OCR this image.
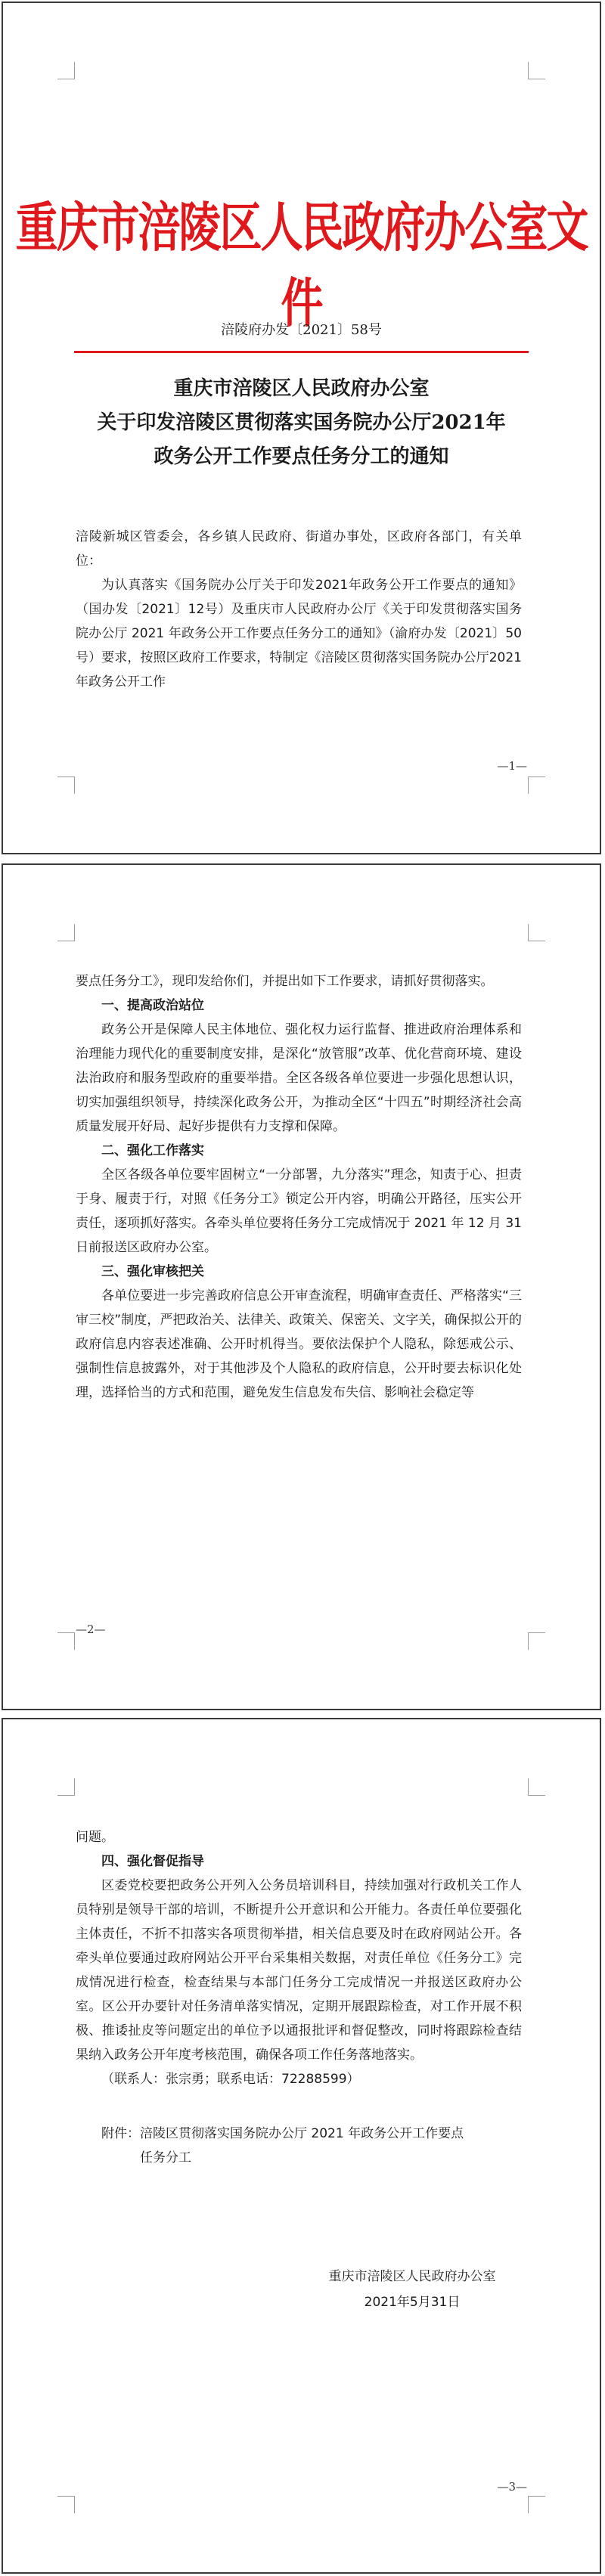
重庆市涪陵区人民政府办公室文件
涪陵府办发〔2021〕58号
重庆市涪陵区人民政府办公室
关于印发涪陵区贯彻落实国务院办公厅2021年
政务公开工作要点任务分工的通知

涪陵新城区管委会，各乡镇人民政府、街道办事处，区政府各部门，有关单位：

为认真落实《国务院办公厅关于印发2021年政务公开工作要点的通知》（国办发〔2021〕12号）及重庆市人民政府办公厅《关于印发贯彻落实国务院办公厅 2021 年政务公开工作要点任务分工的通知》（渝府办发〔2021〕50号）要求，按照区政府工作要求，特制定《涪陵区贯彻落实国务院办公厅2021年政务公开工作

—1—

要点任务分工》，现印发给你们，并提出如下工作要求，请抓好贯彻落实。

一、提高政治站位

政务公开是保障人民主体地位、强化权力运行监督、推进政府治理体系和治理能力现代化的重要制度安排，是深化“放管服”改革、优化营商环境、建设法治政府和服务型政府的重要举措。全区各级各单位要进一步强化思想认识，切实加强组织领导，持续深化政务公开，为推动全区“十四五”时期经济社会高质量发展开好局、起好步提供有力支撑和保障。

二、强化工作落实

全区各级各单位要牢固树立“一分部署，九分落实”理念，知责于心、担责于身、履责于行，对照《任务分工》锁定公开内容，明确公开路径，压实公开责任，逐项抓好落实。各牵头单位要将任务分工完成情况于 2021 年 12 月 31 日前报送区政府办公室。

三、强化审核把关

各单位要进一步完善政府信息公开审查流程，明确审查责任、严格落实“三审三校”制度，严把政治关、法律关、政策关、保密关、文字关，确保拟公开的政府信息内容表述准确、公开时机得当。要依法保护个人隐私，除惩戒公示、强制性信息披露外，对于其他涉及个人隐私的政府信息，公开时要去标识化处理，选择恰当的方式和范围，避免发生信息发布失信、影响社会稳定等

—2—

问题。

四、强化督促指导

区委党校要把政务公开列入公务员培训科目，持续加强对行政机关工作人员特别是领导干部的培训，不断提升公开意识和公开能力。各责任单位要强化主体责任，不折不扣落实各项贯彻举措，相关信息要及时在政府网站公开。各牵头单位要通过政府网站公开平台采集相关数据，对责任单位《任务分工》完成情况进行检查，检查结果与本部门任务分工完成情况一并报送区政府办公室。区公开办要针对任务清单落实情况，定期开展跟踪检查，对工作开展不积极、推诿扯皮等问题定出的单位予以通报批评和督促整改，同时将跟踪检查结果纳入政务公开年度考核范围，确保各项工作任务落地落实。

（联系人：张宗勇；联系电话：72288599）

附件：涪陵区贯彻落实国务院办公厅 2021 年政务公开工作要点任务分工
重庆市涪陵区人民政府办公室
2021年5月31日
—3—
